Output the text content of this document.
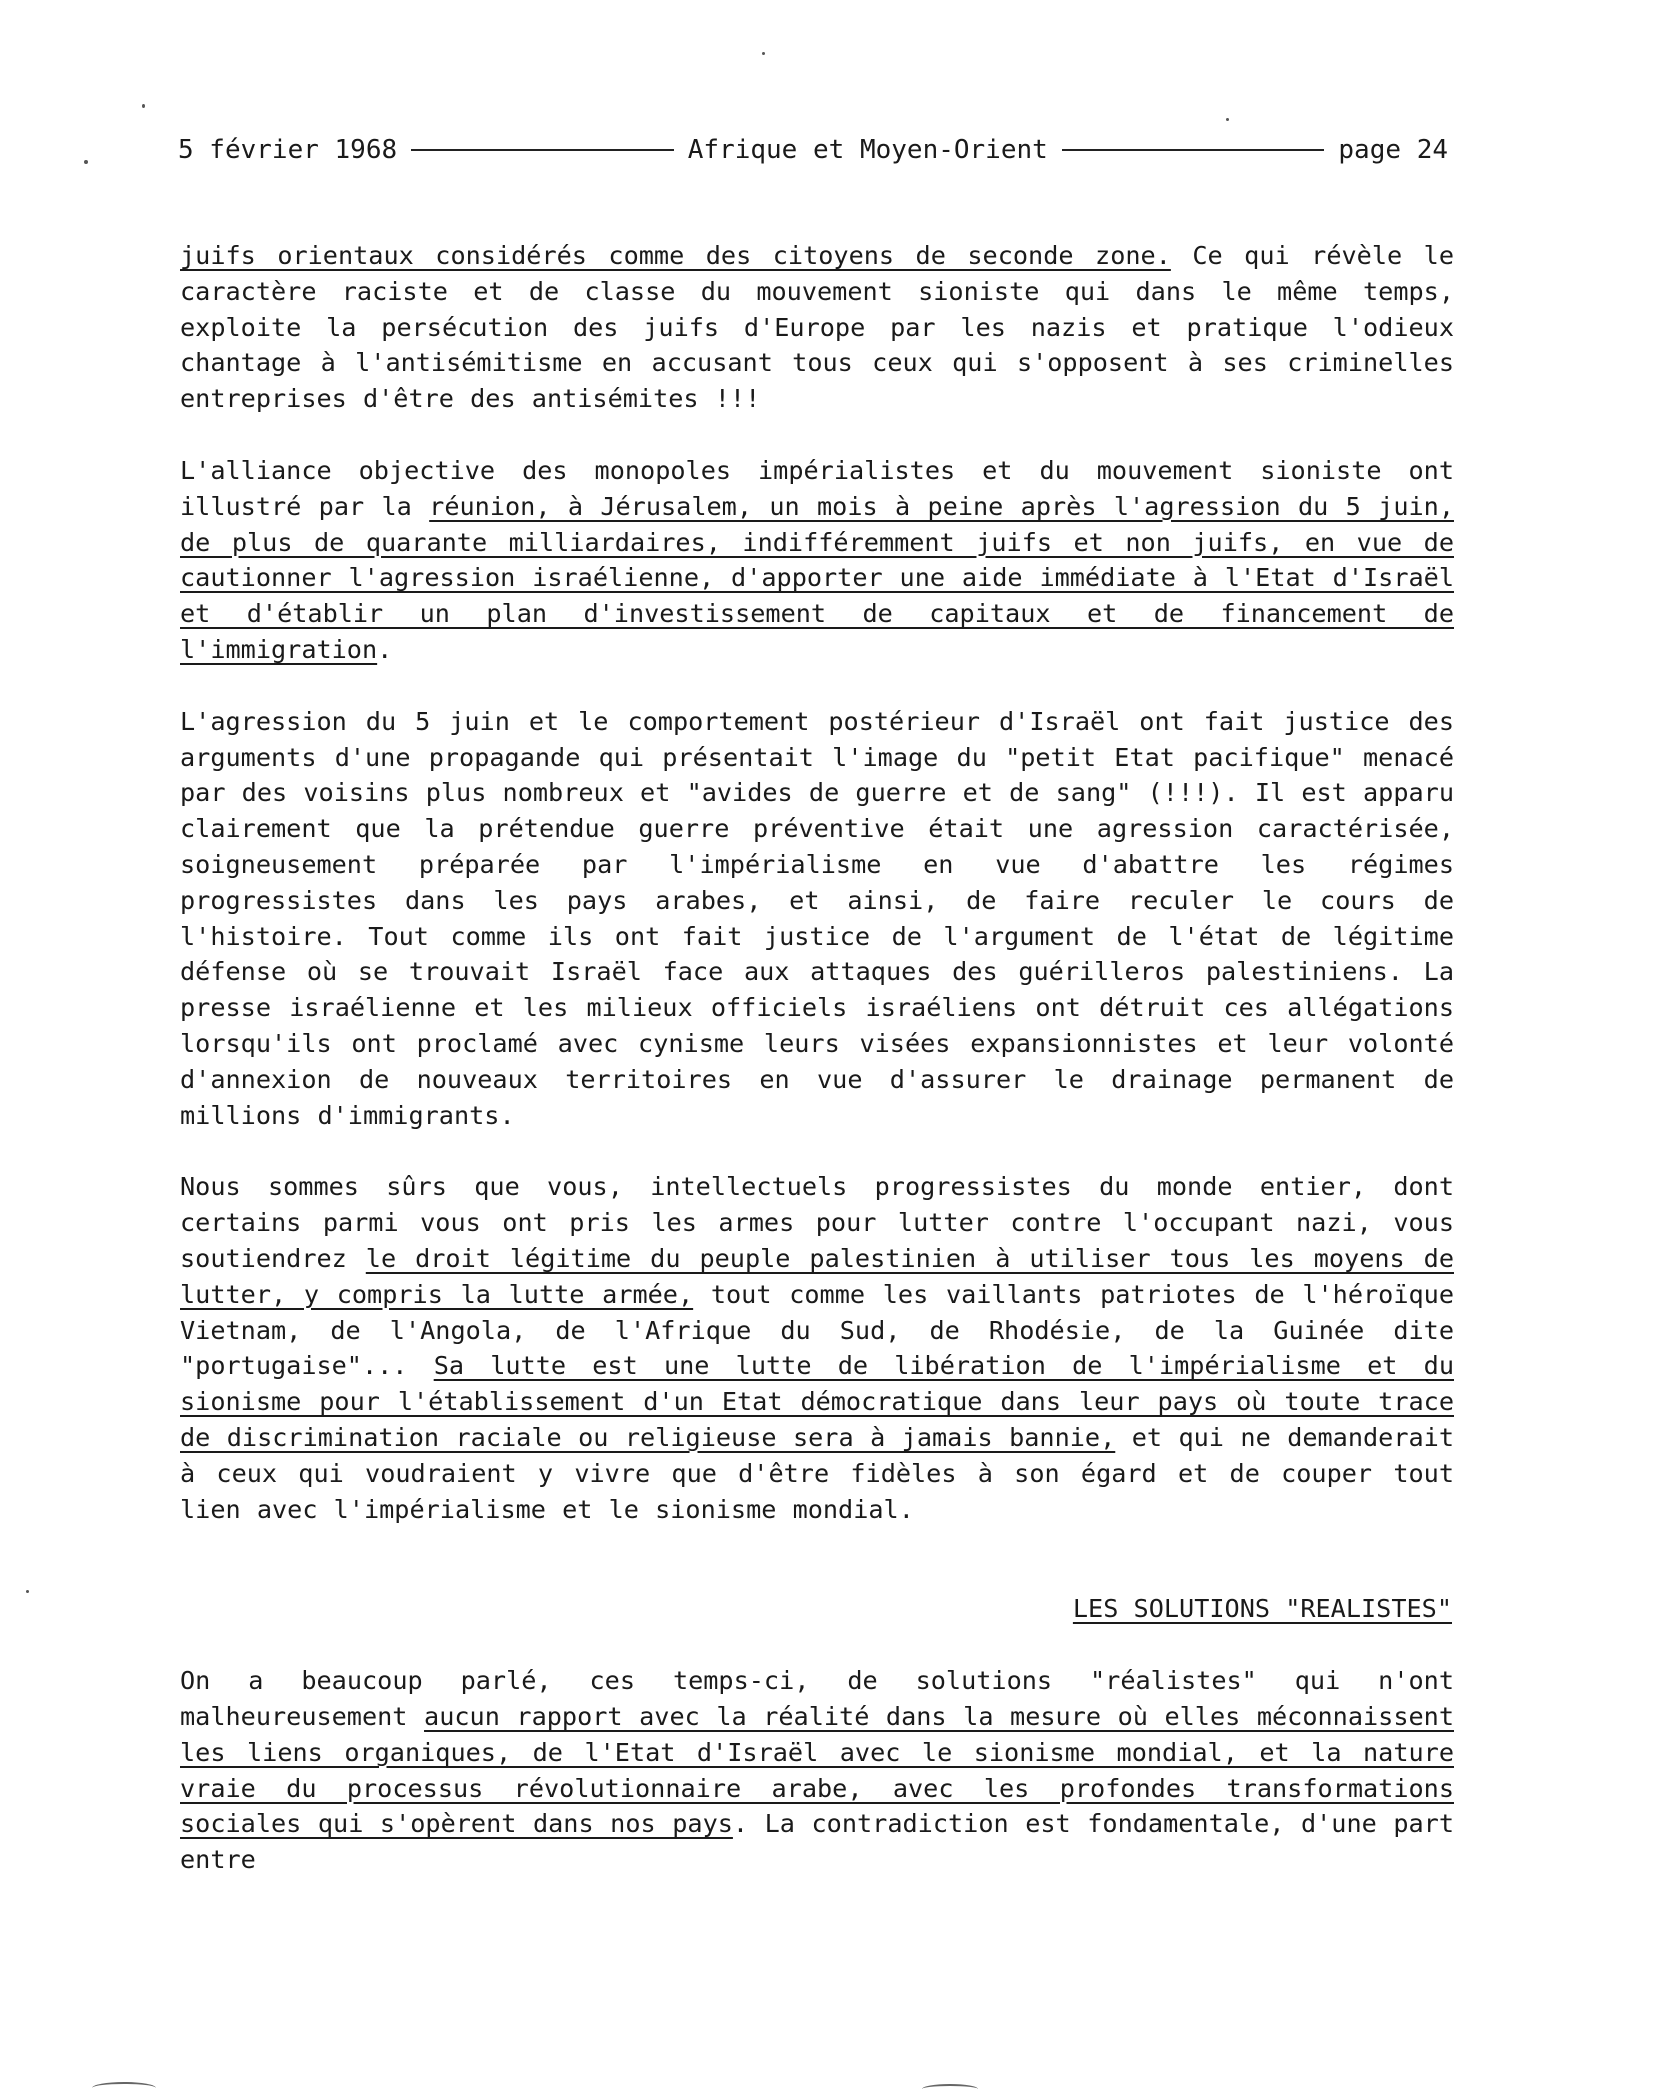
5 février 1968	Afrique et Moyen-Orient	page
24

juifs orientaux considérés comme des citoyens de seconde zone. Ce qui révèle le caractère raciste et de classe du mouvement sioniste qui dans le même temps, exploite la persécution des juifs d'Europe par les nazis et pratique l'odieux chantage à l'antisémitisme en accusant tous ceux qui s'opposent à ses criminelles entreprises d'être des antisémites !!!

L'alliance objective des monopoles impérialistes et du mouvement sioniste ont illustré par la réunion, à Jérusalem, un mois à peine après l'agression du 5 juin, de plus de quarante milliardaires, indifféremment juifs et non juifs, en vue de cautionner l'agression israélienne, d'apporter une aide immédiate à l'Etat d'Israël et d'établir un plan d'investissement de capitaux et de financement de l'immigration.

L'agression du 5 juin et le comportement postérieur d'Israël ont fait justice des arguments d'une propagande qui présentait l'image du "petit Etat pacifique" menacé par des voisins plus nombreux et "avides de guerre et de sang" (!!!). Il est apparu clairement que la prétendue guerre préventive était une agression caractérisée, soigneusement préparée par l'impérialisme en vue d'abattre les régimes progressistes dans les pays arabes, et ainsi, de faire reculer le cours de l'histoire. Tout comme ils ont fait justice de l'argument de l'état de légitime défense où se trouvait Israël face aux attaques des guérilleros palestiniens. La presse israélienne et les milieux officiels israéliens ont détruit ces allégations lorsqu'ils ont proclamé avec cynisme leurs visées expansionnistes et leur volonté d'annexion de nouveaux territoires en vue d'assurer le drainage permanent de millions d'immigrants.

Nous sommes sûrs que vous, intellectuels progressistes du monde entier, dont certains parmi vous ont pris les armes pour lutter contre l'occupant nazi, vous soutiendrez le droit légitime du peuple palestinien à utiliser tous les moyens de lutter, y compris la lutte armée, tout comme les vaillants patriotes de l'héroïque Vietnam, de l'Angola, de l'Afrique du Sud, de Rhodésie, de la Guinée dite "portugaise"... Sa lutte est une lutte de libération de l'impérialisme et du sionisme pour l'établissement d'un Etat démocratique dans leur pays où toute trace de discrimination raciale ou religieuse sera à jamais bannie, et qui ne demanderait à ceux qui voudraient y vivre que d'être fidèles à son égard et de couper tout lien avec l'impérialisme et le sionisme mondial.

LES SOLUTIONS "REALISTES"

On a beaucoup parlé, ces temps-ci, de solutions "réalistes" qui n'ont malheureusement aucun rapport avec la réalité dans la mesure où elles méconnaissent les liens organiques, de l'Etat d'Israël avec le sionisme mondial, et la nature vraie du processus révolutionnaire arabe, avec les profondes transformations sociales qui s'opèrent dans nos pays. La contradiction est fondamentale, d'une part entre
